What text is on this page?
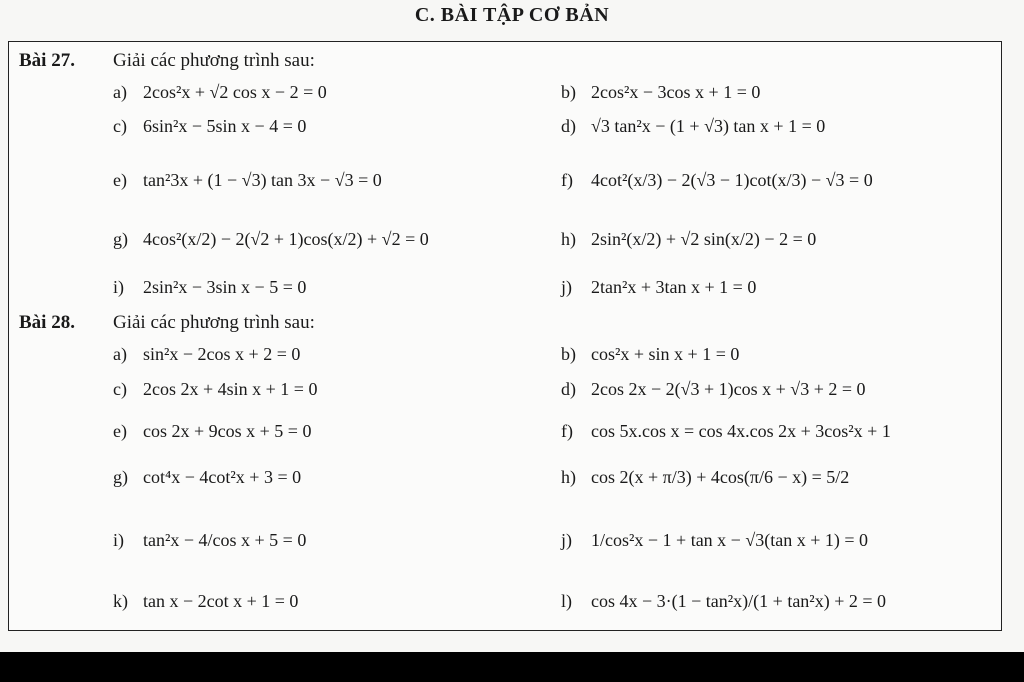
C. BÀI TẬP CƠ BẢN
Bài 27. Giải các phương trình sau:
a) 2cos²x + √2 cos x − 2 = 0	b) 2cos²x − 3cos x + 1 = 0
c) 6sin²x − 5sin x − 4 = 0	d) √3 tan²x − (1 + √3) tan x + 1 = 0
e) tan²3x + (1 − √3) tan 3x − √3 = 0	f) 4cot²(x/3) − 2(√3 − 1)cot(x/3) − √3 = 0
g) 4cos²(x/2) − 2(√2 + 1)cos(x/2) + √2 = 0	h) 2sin²(x/2) + √2 sin(x/2) − 2 = 0
i) 2sin²x − 3sin x − 5 = 0	j) 2tan²x + 3tan x + 1 = 0
Bài 28. Giải các phương trình sau:
a) sin²x − 2cos x + 2 = 0	b) cos²x + sin x + 1 = 0
c) 2cos 2x + 4sin x + 1 = 0	d) 2cos 2x − 2(√3 + 1)cos x + √3 + 2 = 0
e) cos 2x + 9cos x + 5 = 0	f) cos 5x.cos x = cos 4x.cos 2x + 3cos²x + 1
g) cot⁴x − 4cot²x + 3 = 0	h) cos 2(x + π/3) + 4cos(π/6 − x) = 5/2
i) tan²x − 4/cos x + 5 = 0	j) 1/cos²x − 1 + tan x − √3(tan x + 1) = 0
k) tan x − 2cot x + 1 = 0	l) cos 4x − 3·(1 − tan²x)/(1 + tan²x) + 2 = 0
